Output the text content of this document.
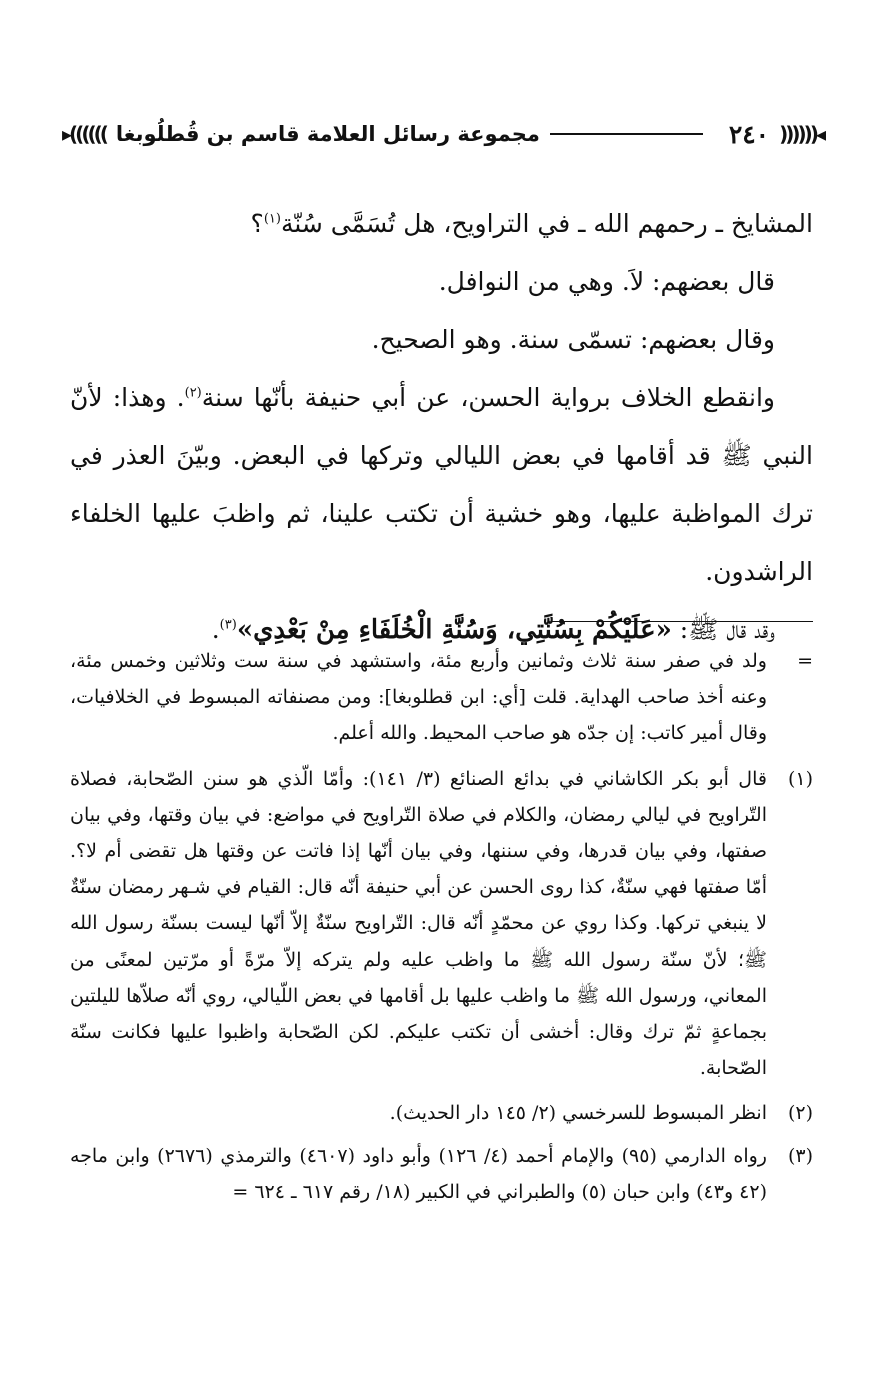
◂((((((
٢٤٠
مجموعة رسائل العلامة قاسم بن قُطلُوبغا
))))))▸

المشايخ ـ رحمهم الله ـ في التراويح، هل تُسَمَّى سُنّة$^{(١)}$؟

قال بعضهم: لاَ. وهي من النوافل.

وقال بعضهم: تسمّى سنة. وهو الصحيح.

وانقطع الخلاف برواية الحسن، عن أبي حنيفة بأنّها سنة$^{(٢)}$. وهذا: لأنّ النبي ﷺ قد أقامها في بعض الليالي وتركها في البعض. وبيّنَ العذر في ترك المواظبة عليها، وهو خشية أن تكتب علينا، ثم واظبَ عليها الخلفاء الراشدون.

وقد قال ﷺ: «عَلَيْكُمْ بِسُنَّتِي، وَسُنَّةِ الْخُلَفَاءِ مِنْ بَعْدِي»$^{(٣)}$.

=
ولد في صفر سنة ثلاث وثمانين وأربع مئة، واستشهد في سنة ست وثلاثين وخمس مئة، وعنه أخذ صاحب الهداية. قلت [أي: ابن قطلوبغا]: ومن مصنفاته المبسوط في الخلافيات، وقال أمير كاتب: إن جدّه هو صاحب المحيط. والله أعلم.

(١)
قال أبو بكر الكاشاني في بدائع الصنائع (٣/ ١٤١): وأمّا الّذي هو سنن الصّحابة، فصلاة التّراويح في ليالي رمضان، والكلام في صلاة التّراويح في مواضع: في بيان وقتها، وفي بيان صفتها، وفي بيان قدرها، وفي سننها، وفي بيان أنّها إذا فاتت عن وقتها هل تقضى أم لا؟. أمّا صفتها فهي سنّةٌ، كذا روى الحسن عن أبي حنيفة أنّه قال: القيام في شـهر رمضان سنّةٌ لا ينبغي تركها. وكذا روي عن محمّدٍ أنّه قال: التّراويح سنّةٌ إلاّ أنّها ليست بسنّة رسول الله ﷺ؛ لأنّ سنّة رسول الله ﷺ ما واظب عليه ولم يتركه إلاّ مرّةً أو مرّتين لمعنًى من المعاني، ورسول الله ﷺ ما واظب عليها بل أقامها في بعض اللّيالي، روي أنّه صلاّها لليلتين بجماعةٍ ثمّ ترك وقال: أخشى أن تكتب عليكم. لكن الصّحابة واظبوا عليها فكانت سنّة الصّحابة.

(٢)
انظر المبسوط للسرخسي (٢/ ١٤٥ دار الحديث).

(٣)
رواه الدارمي (٩٥) والإمام أحمد (٤/ ١٢٦) وأبو داود (٤٦٠٧) والترمذي (٢٦٧٦) وابن ماجه (٤٢ و٤٣) وابن حبان (٥) والطبراني في الكبير (١٨/ رقم ٦١٧ ـ ٦٢٤ =
